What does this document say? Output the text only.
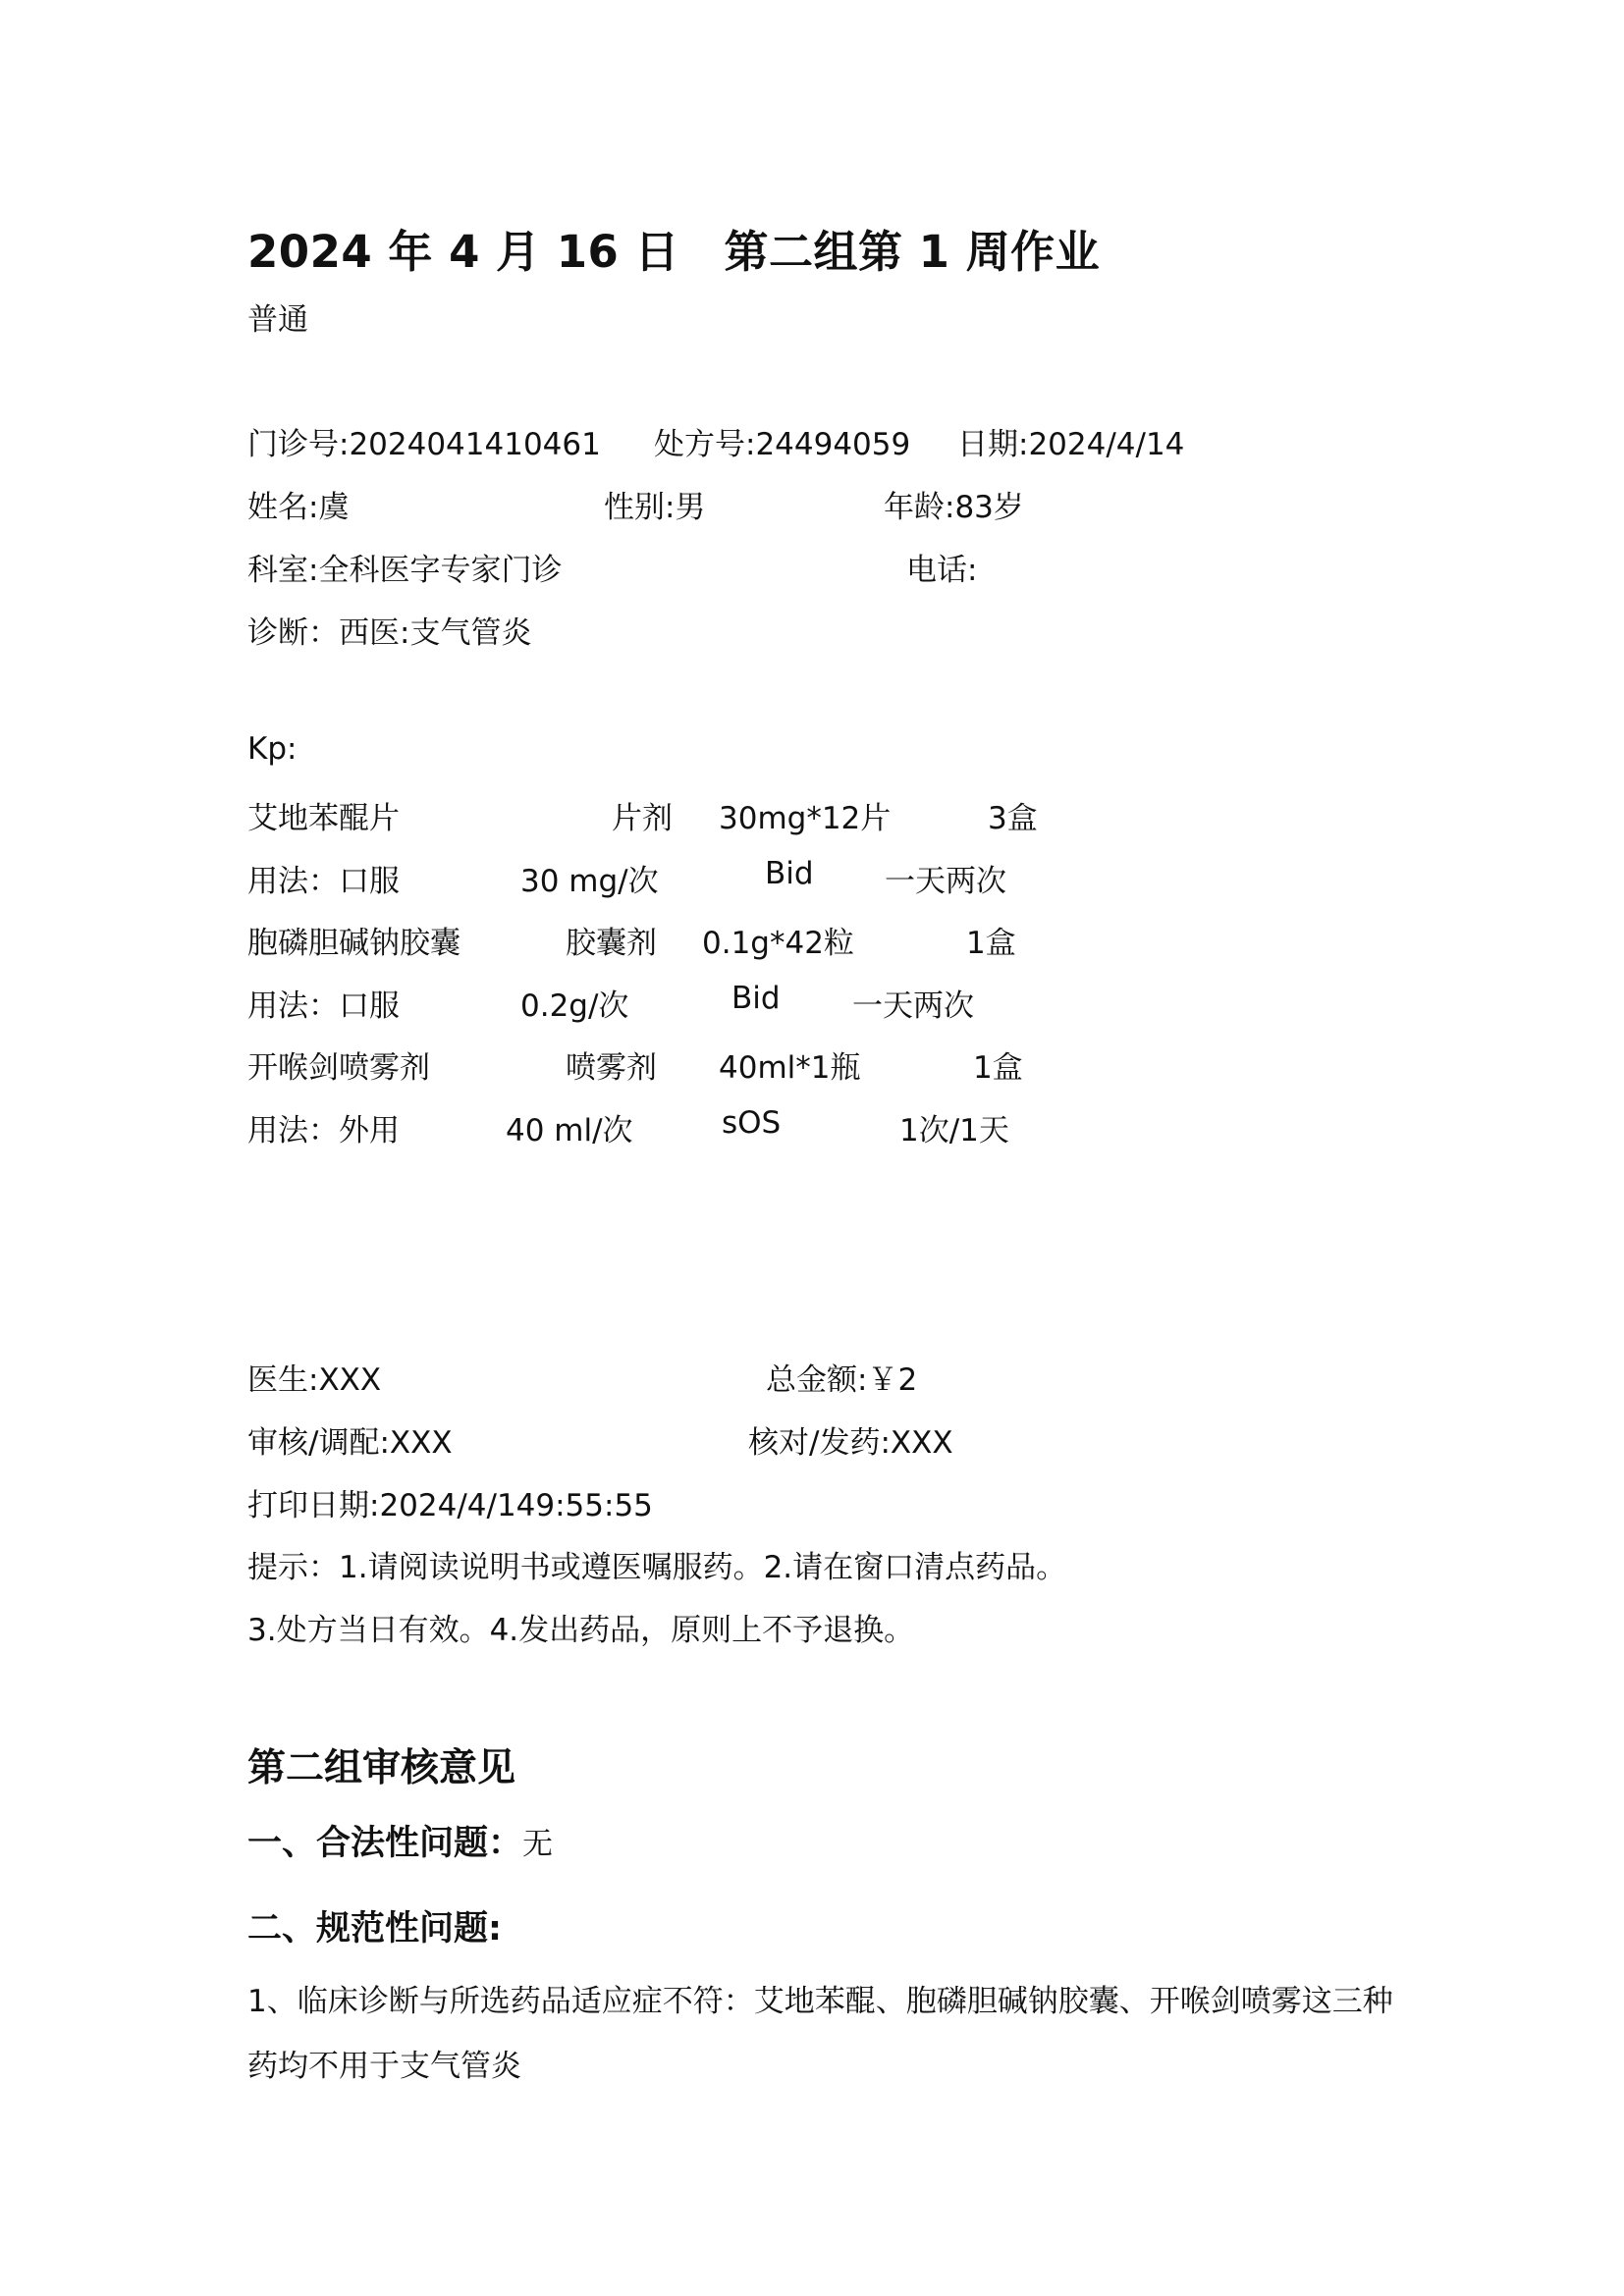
2024 年 4 月 16 日　第二组第 1 周作业
普通
门诊号:2024041410461 处方号:24494059 日期:2024/4/14
姓名:虞	性别:男	年龄:83岁
科室:全科医字专家门诊	电话:
诊断：西医:支气管炎
Kp:
艾地苯醌片	片剂 30mg*12片	3盒
用法：口服	30 mg/次	Bid 一天两次
胞磷胆碱钠胶囊	胶囊剂 0.1g*42粒	1盒
用法：口服	0.2g/次	Bid 一天两次
开喉剑喷雾剂	喷雾剂 40ml*1瓶	1盒
用法：外用	40 ml/次	sOS	1次/1天
医生:XXX	总金额:￥2
审核/调配:XXX	核对/发药:XXX
打印日期:2024/4/149:55:55
提示：1.请阅读说明书或遵医嘱服药。2.请在窗口清点药品。
3.处方当日有效。4.发出药品，原则上不予退换。
第二组审核意见
一、合法性问题：无
二、规范性问题:
1、临床诊断与所选药品适应症不符：艾地苯醌、胞磷胆碱钠胶囊、开喉剑喷雾这三种
药均不用于支气管炎
